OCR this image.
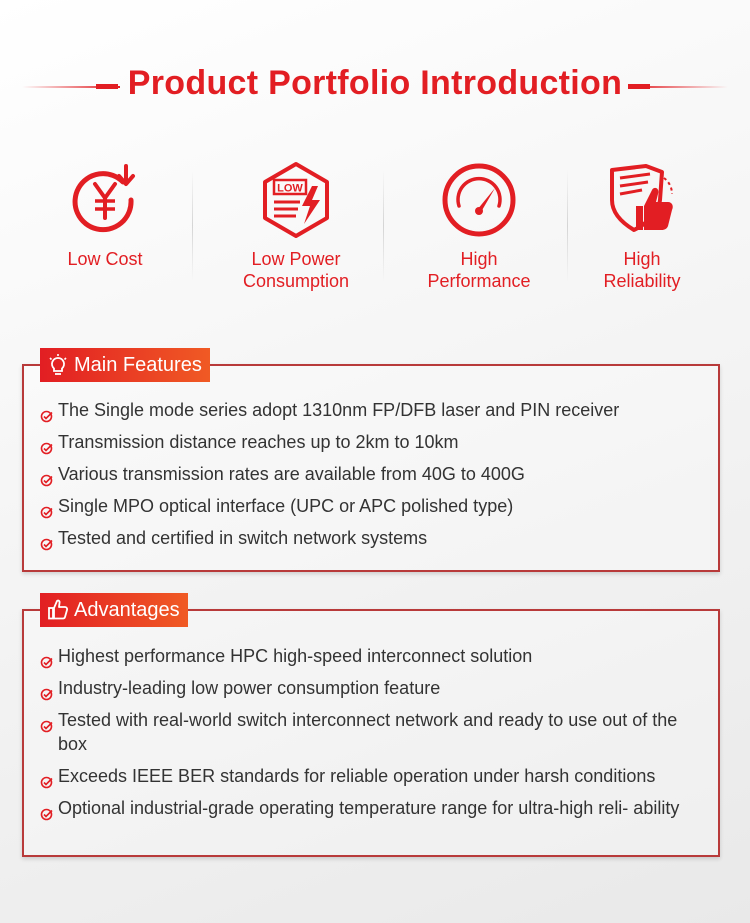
Product Portfolio Introduction
Low Cost
LOW
Low Power
Consumption
High
Performance
High
Reliability
Main Features
The Single mode series adopt 1310nm FP/DFB laser and PIN receiver
Transmission distance reaches up to 2km to 10km
Various transmission rates are available from 40G to 400G
Single MPO optical interface (UPC or APC polished type)
Tested and certified in switch network systems
Advantages
Highest performance HPC high-speed interconnect solution
Industry-leading low power consumption feature
Tested with real-world switch interconnect network and ready to use out of the box
Exceeds IEEE BER standards for reliable operation under harsh conditions
Optional industrial-grade operating temperature range for ultra-high reli- ability
